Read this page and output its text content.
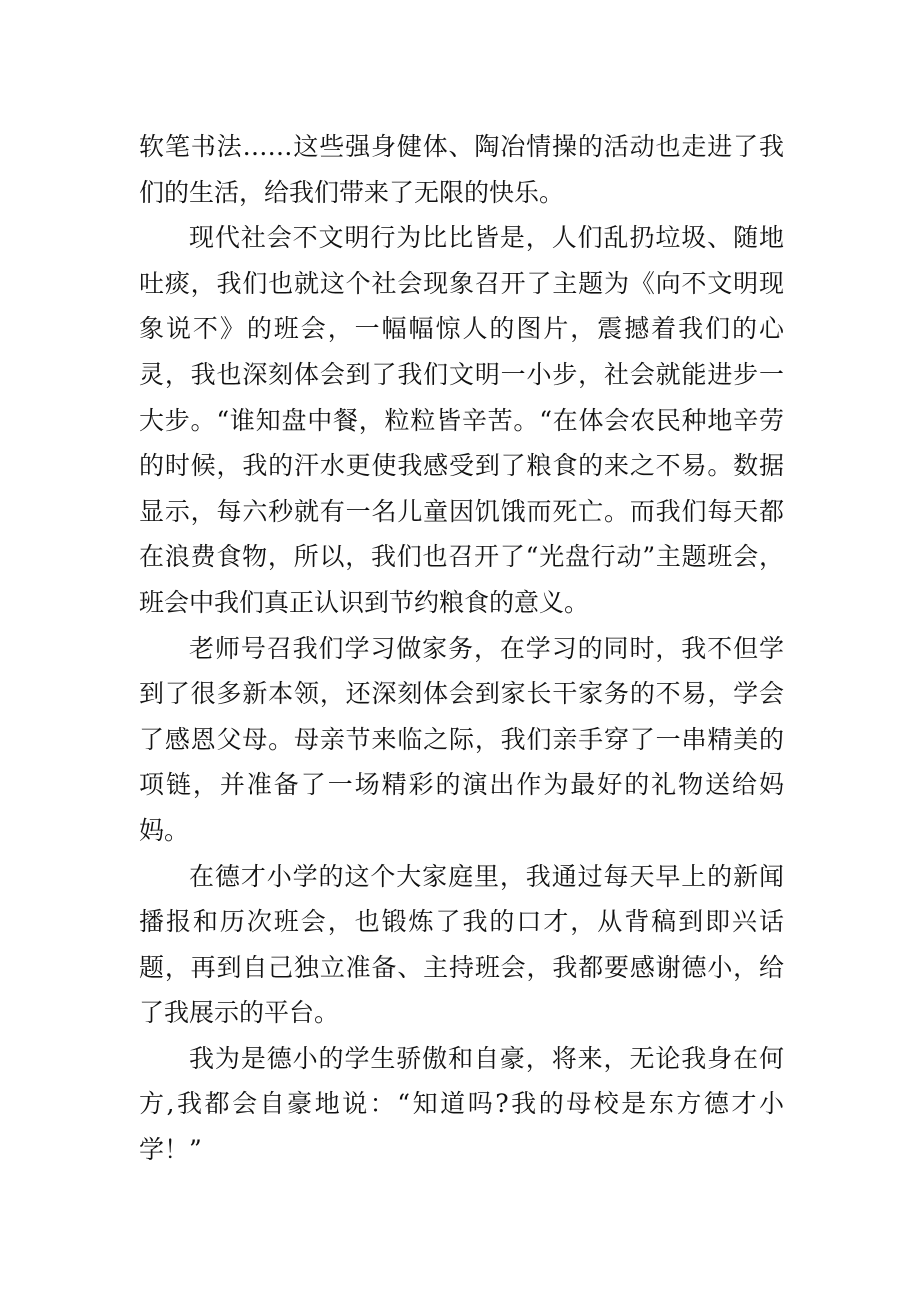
软笔书法……这些强身健体、陶冶情操的活动也走进了我们的生活，给我们带来了无限的快乐。

现代社会不文明行为比比皆是，人们乱扔垃圾、随地吐痰，我们也就这个社会现象召开了主题为《向不文明现象说不》的班会，一幅幅惊人的图片，震撼着我们的心灵，我也深刻体会到了我们文明一小步，社会就能进步一大步。“谁知盘中餐，粒粒皆辛苦。“在体会农民种地辛劳的时候，我的汗水更使我感受到了粮食的来之不易。数据显示，每六秒就有一名儿童因饥饿而死亡。而我们每天都在浪费食物，所以，我们也召开了“光盘行动”主题班会，班会中我们真正认识到节约粮食的意义。

老师号召我们学习做家务，在学习的同时，我不但学到了很多新本领，还深刻体会到家长干家务的不易，学会了感恩父母。母亲节来临之际，我们亲手穿了一串精美的项链，并准备了一场精彩的演出作为最好的礼物送给妈妈。

在德才小学的这个大家庭里，我通过每天早上的新闻播报和历次班会，也锻炼了我的口才，从背稿到即兴话题，再到自己独立准备、主持班会，我都要感谢德小，给了我展示的平台。

我为是德小的学生骄傲和自豪，将来，无论我身在何方,我都会自豪地说：“知道吗?我的母校是东方德才小学！”
